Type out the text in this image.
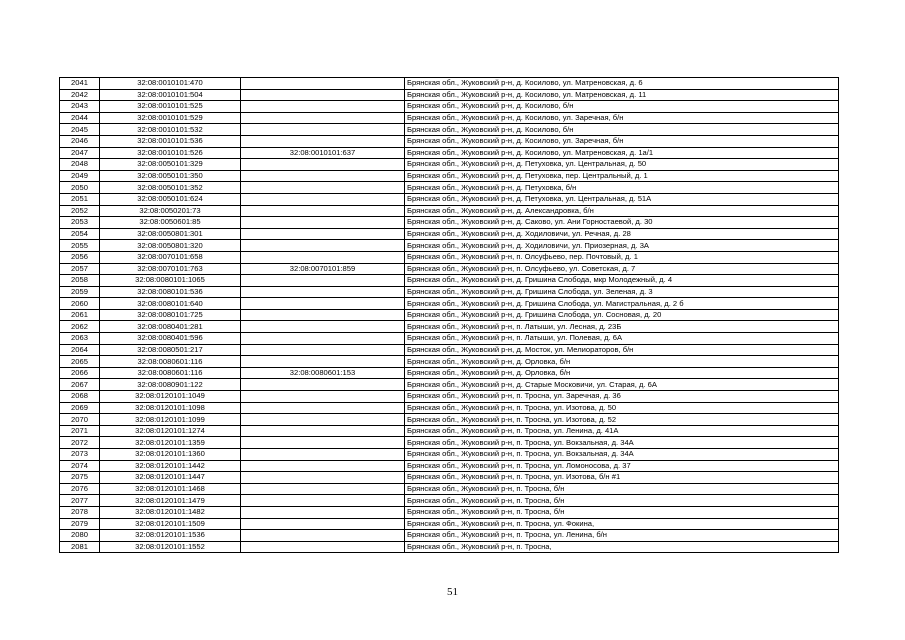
2041	32:08:0010101:470		Брянская обл., Жуковский р-н, д. Косилово, ул. Матреновская, д. 6
2042	32:08:0010101:504		Брянская обл., Жуковский р-н, д. Косилово, ул. Матреновская, д. 11
2043	32:08:0010101:525		Брянская обл., Жуковский р-н, д. Косилово, б/н
2044	32:08:0010101:529		Брянская обл., Жуковский р-н, д. Косилово, ул. Заречная, б/н
2045	32:08:0010101:532		Брянская обл., Жуковский р-н, д. Косилово, б/н
2046	32:08:0010101:536		Брянская обл., Жуковский р-н, д. Косилово, ул. Заречная, б/н
2047	32:08:0010101:526	32:08:0010101:637	Брянская обл., Жуковский р-н, д. Косилово, ул. Матреновская, д. 1а/1
2048	32:08:0050101:329		Брянская обл., Жуковский р-н, д. Петуховка, ул. Центральная, д. 50
2049	32:08:0050101:350		Брянская обл., Жуковский р-н, д. Петуховка, пер. Центральный, д. 1
2050	32:08:0050101:352		Брянская обл., Жуковский р-н, д. Петуховка, б/н
2051	32:08:0050101:624		Брянская обл., Жуковский р-н, д. Петуховка, ул. Центральная, д. 51А
2052	32:08:0050201:73		Брянская обл., Жуковский р-н, д. Александровка, б/н
2053	32:08:0050601:85		Брянская обл., Жуковский р-н, д. Саково, ул. Ани Горностаевой, д. 30
2054	32:08:0050801:301		Брянская обл., Жуковский р-н, д. Ходиловичи, ул. Речная, д. 28
2055	32:08:0050801:320		Брянская обл., Жуковский р-н, д. Ходиловичи, ул. Приозерная, д. 3А
2056	32:08:0070101:658		Брянская обл., Жуковский р-н, п. Олсуфьево, пер. Почтовый, д. 1
2057	32:08:0070101:763	32:08:0070101:859	Брянская обл., Жуковский р-н, п. Олсуфьево, ул. Советская, д. 7
2058	32:08:0080101:1065		Брянская обл., Жуковский р-н, д. Гришина Слобода, мкр Молодежный, д. 4
2059	32:08:0080101:536		Брянская обл., Жуковский р-н, д. Гришина Слобода, ул. Зеленая, д. 3
2060	32:08:0080101:640		Брянская обл., Жуковский р-н, д. Гришина Слобода, ул. Магистральная, д. 2 б
2061	32:08:0080101:725		Брянская обл., Жуковский р-н, д. Гришина Слобода, ул. Сосновая, д. 20
2062	32:08:0080401:281		Брянская обл., Жуковский р-н, п. Латыши, ул. Лесная, д. 23Б
2063	32:08:0080401:596		Брянская обл., Жуковский р-н, п. Латыши, ул. Полевая, д. 6А
2064	32:08:0080501:217		Брянская обл., Жуковский р-н, д. Мосток, ул. Мелиораторов, б/н
2065	32:08:0080601:116		Брянская обл., Жуковский р-н, д. Орловка, б/н
2066	32:08:0080601:116	32:08:0080601:153	Брянская обл., Жуковский р-н, д. Орловка, б/н
2067	32:08:0080901:122		Брянская обл., Жуковский р-н, д. Старые Московичи, ул. Старая, д. 6А
2068	32:08:0120101:1049		Брянская обл., Жуковский р-н, п. Тросна, ул. Заречная, д. 36
2069	32:08:0120101:1098		Брянская обл., Жуковский р-н, п. Тросна, ул. Изотова, д. 50
2070	32:08:0120101:1099		Брянская обл., Жуковский р-н, п. Тросна, ул. Изотова, д. 52
2071	32:08:0120101:1274		Брянская обл., Жуковский р-н, п. Тросна, ул. Ленина, д. 41А
2072	32:08:0120101:1359		Брянская обл., Жуковский р-н, п. Тросна, ул. Вокзальная, д. 34А
2073	32:08:0120101:1360		Брянская обл., Жуковский р-н, п. Тросна, ул. Вокзальная, д. 34А
2074	32:08:0120101:1442		Брянская обл., Жуковский р-н, п. Тросна, ул. Ломоносова, д. 37
2075	32:08:0120101:1447		Брянская обл., Жуковский р-н, п. Тросна, ул. Изотова, б/н #1
2076	32:08:0120101:1468		Брянская обл., Жуковский р-н, п. Тросна, б/н
2077	32:08:0120101:1479		Брянская обл., Жуковский р-н, п. Тросна, б/н
2078	32:08:0120101:1482		Брянская обл., Жуковский р-н, п. Тросна, б/н
2079	32:08:0120101:1509		Брянская обл., Жуковский р-н, п. Тросна, ул. Фокина,
2080	32:08:0120101:1536		Брянская обл., Жуковский р-н, п. Тросна, ул. Ленина, б/н
2081	32:08:0120101:1552		Брянская обл., Жуковский р-н, п. Тросна,
51
